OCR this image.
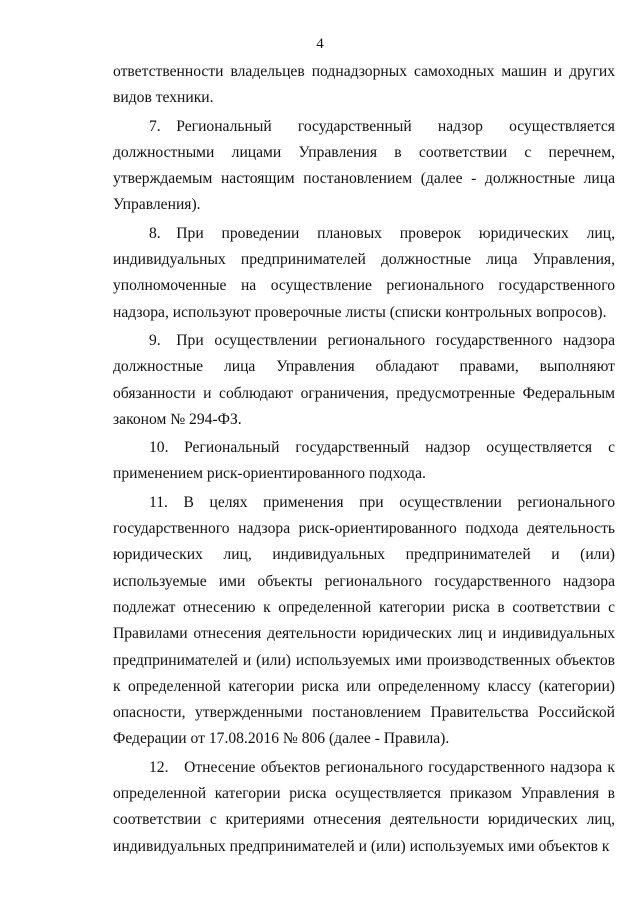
4

ответственности владельцев поднадзорных самоходных машин и других видов техники.

7. Региональный государственный надзор осуществляется должностными лицами Управления в соответствии с перечнем, утверждаемым настоящим постановлением (далее - должностные лица Управления).

8. При проведении плановых проверок юридических лиц, индивидуальных предпринимателей должностные лица Управления, уполномоченные на осуществление регионального государственного надзора, используют проверочные листы (списки контрольных вопросов).

9. При осуществлении регионального государственного надзора должностные лица Управления обладают правами, выполняют обязанности и соблюдают ограничения, предусмотренные Федеральным законом № 294-ФЗ.

10. Региональный государственный надзор осуществляется с применением риск-ориентированного подхода.

11. В целях применения при осуществлении регионального государственного надзора риск-ориентированного подхода деятельность юридических лиц, индивидуальных предпринимателей и (или) используемые ими объекты регионального государственного надзора подлежат отнесению к определенной категории риска в соответствии с Правилами отнесения деятельности юридических лиц и индивидуальных предпринимателей и (или) используемых ими производственных объектов к определенной категории риска или определенному классу (категории) опасности, утвержденными постановлением Правительства Российской Федерации от 17.08.2016 № 806 (далее - Правила).

12. Отнесение объектов регионального государственного надзора к определенной категории риска осуществляется приказом Управления в соответствии с критериями отнесения деятельности юридических лиц, индивидуальных предпринимателей и (или) используемых ими объектов к
